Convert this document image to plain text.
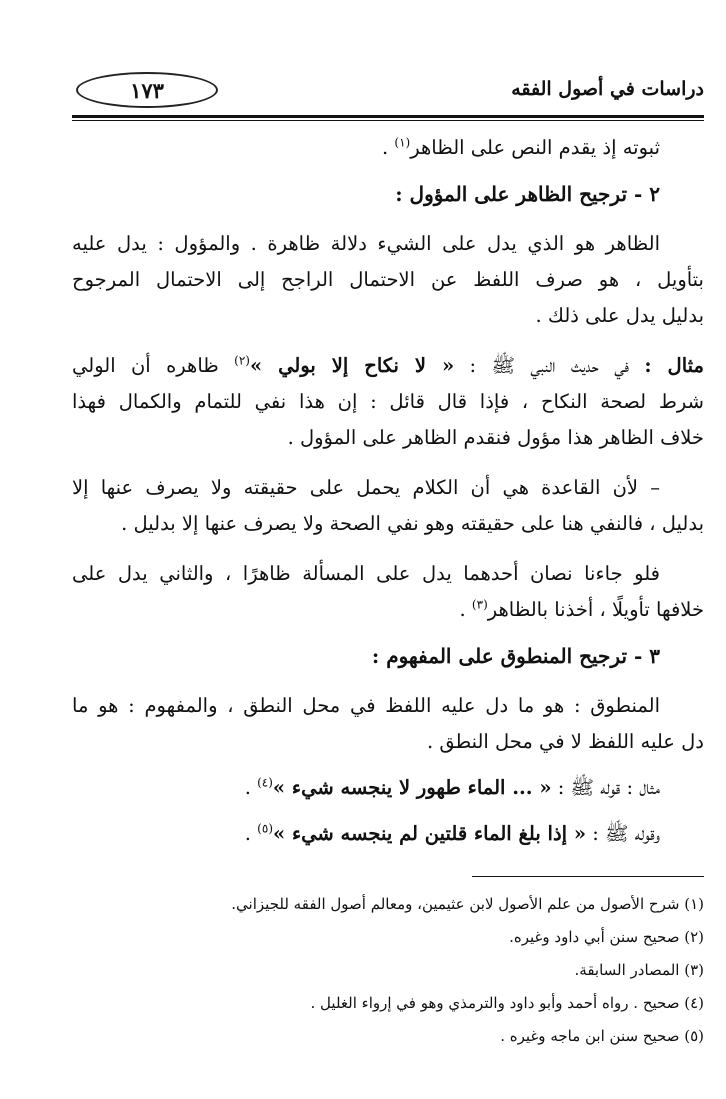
١٧٣	دراسات في أصول الفقه
ثبوته إذ يقدم النص على الظاهر$^{(١)}$ .
٢ - ترجيح الظاهر على المؤول :
الظاهر هو الذي يدل على الشيء دلالة ظاهرة . والمؤول : يدل عليه
بتأويل ، هو صرف اللفظ عن الاحتمال الراجح إلى الاحتمال المرجوح
بدليل يدل على ذلك .
مثال : في حديث النبي ﷺ : « لا نكاح إلا بولي »$^{(٢)}$ ظاهره أن الولي
شرط لصحة النكاح ، فإذا قال قائل : إن هذا نفي للتمام والكمال فهذا
خلاف الظاهر هذا مؤول فنقدم الظاهر على المؤول .
– لأن القاعدة هي أن الكلام يحمل على حقيقته ولا يصرف عنها إلا
بدليل ، فالنفي هنا على حقيقته وهو نفي الصحة ولا يصرف عنها إلا بدليل .
فلو جاءنا نصان أحدهما يدل على المسألة ظاهرًا ، والثاني يدل على
خلافها تأويلًا ، أخذنا بالظاهر$^{(٣)}$ .
٣ - ترجيح المنطوق على المفهوم :
المنطوق : هو ما دل عليه اللفظ في محل النطق ، والمفهوم : هو ما
دل عليه اللفظ لا في محل النطق .
مثال : قوله ﷺ : « ... الماء طهور لا ينجسه شيء »$^{(٤)}$ .
وقوله ﷺ : « إذا بلغ الماء قلتين لم ينجسه شيء »$^{(٥)}$ .
(١) شرح الأصول من علم الأصول لابن عثيمين، ومعالم أصول الفقه للجيزاني.
(٢) صحيح سنن أبي داود وغيره.
(٣) المصادر السابقة.
(٤) صحيح . رواه أحمد وأبو داود والترمذي وهو في إرواء الغليل .
(٥) صحيح سنن ابن ماجه وغيره .
